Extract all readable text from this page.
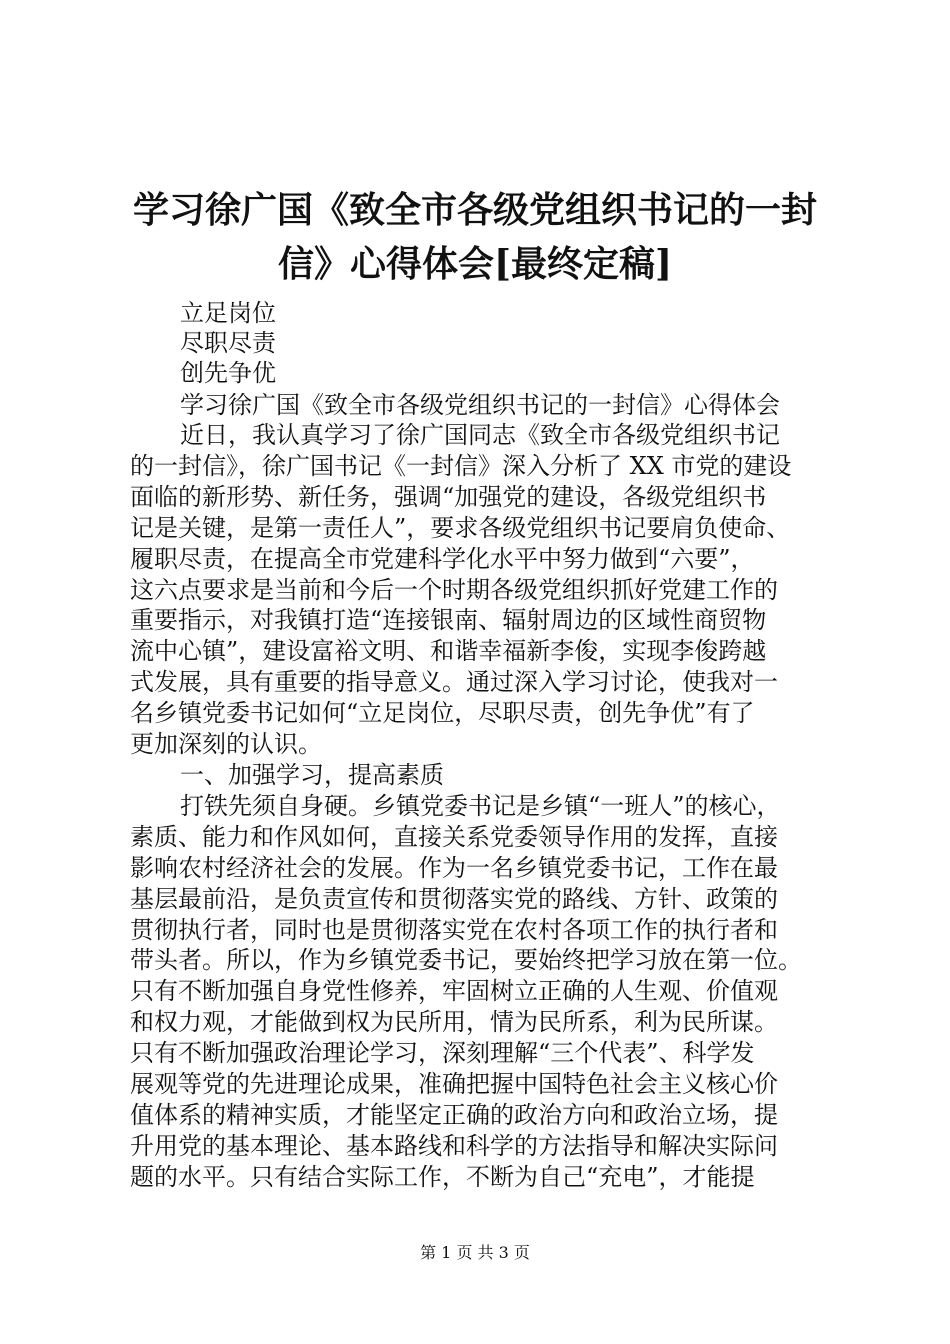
学习徐广国《致全市各级党组织书记的一封
信》心得体会[最终定稿]
立足岗位
尽职尽责
创先争优
学习徐广国《致全市各级党组织书记的一封信》心得体会
近日，我认真学习了徐广国同志《致全市各级党组织书记
的一封信》，徐广国书记《一封信》深入分析了 XX 市党的建设
面临的新形势、新任务，强调“加强党的建设，各级党组织书
记是关键，是第一责任人”，要求各级党组织书记要肩负使命、
履职尽责，在提高全市党建科学化水平中努力做到“六要”，
这六点要求是当前和今后一个时期各级党组织抓好党建工作的
重要指示，对我镇打造“连接银南、辐射周边的区域性商贸物
流中心镇”，建设富裕文明、和谐幸福新李俊，实现李俊跨越
式发展，具有重要的指导意义。通过深入学习讨论，使我对一
名乡镇党委书记如何“立足岗位，尽职尽责，创先争优”有了
更加深刻的认识。
一、加强学习，提高素质
打铁先须自身硬。乡镇党委书记是乡镇“一班人”的核心，
素质、能力和作风如何，直接关系党委领导作用的发挥，直接
影响农村经济社会的发展。作为一名乡镇党委书记，工作在最
基层最前沿，是负责宣传和贯彻落实党的路线、方针、政策的
贯彻执行者，同时也是贯彻落实党在农村各项工作的执行者和
带头者。所以，作为乡镇党委书记，要始终把学习放在第一位。
只有不断加强自身党性修养，牢固树立正确的人生观、价值观
和权力观，才能做到权为民所用，情为民所系，利为民所谋。
只有不断加强政治理论学习，深刻理解“三个代表”、科学发
展观等党的先进理论成果，准确把握中国特色社会主义核心价
值体系的精神实质，才能坚定正确的政治方向和政治立场，提
升用党的基本理论、基本路线和科学的方法指导和解决实际问
题的水平。只有结合实际工作，不断为自己“充电”，才能提
第 1 页 共 3 页
